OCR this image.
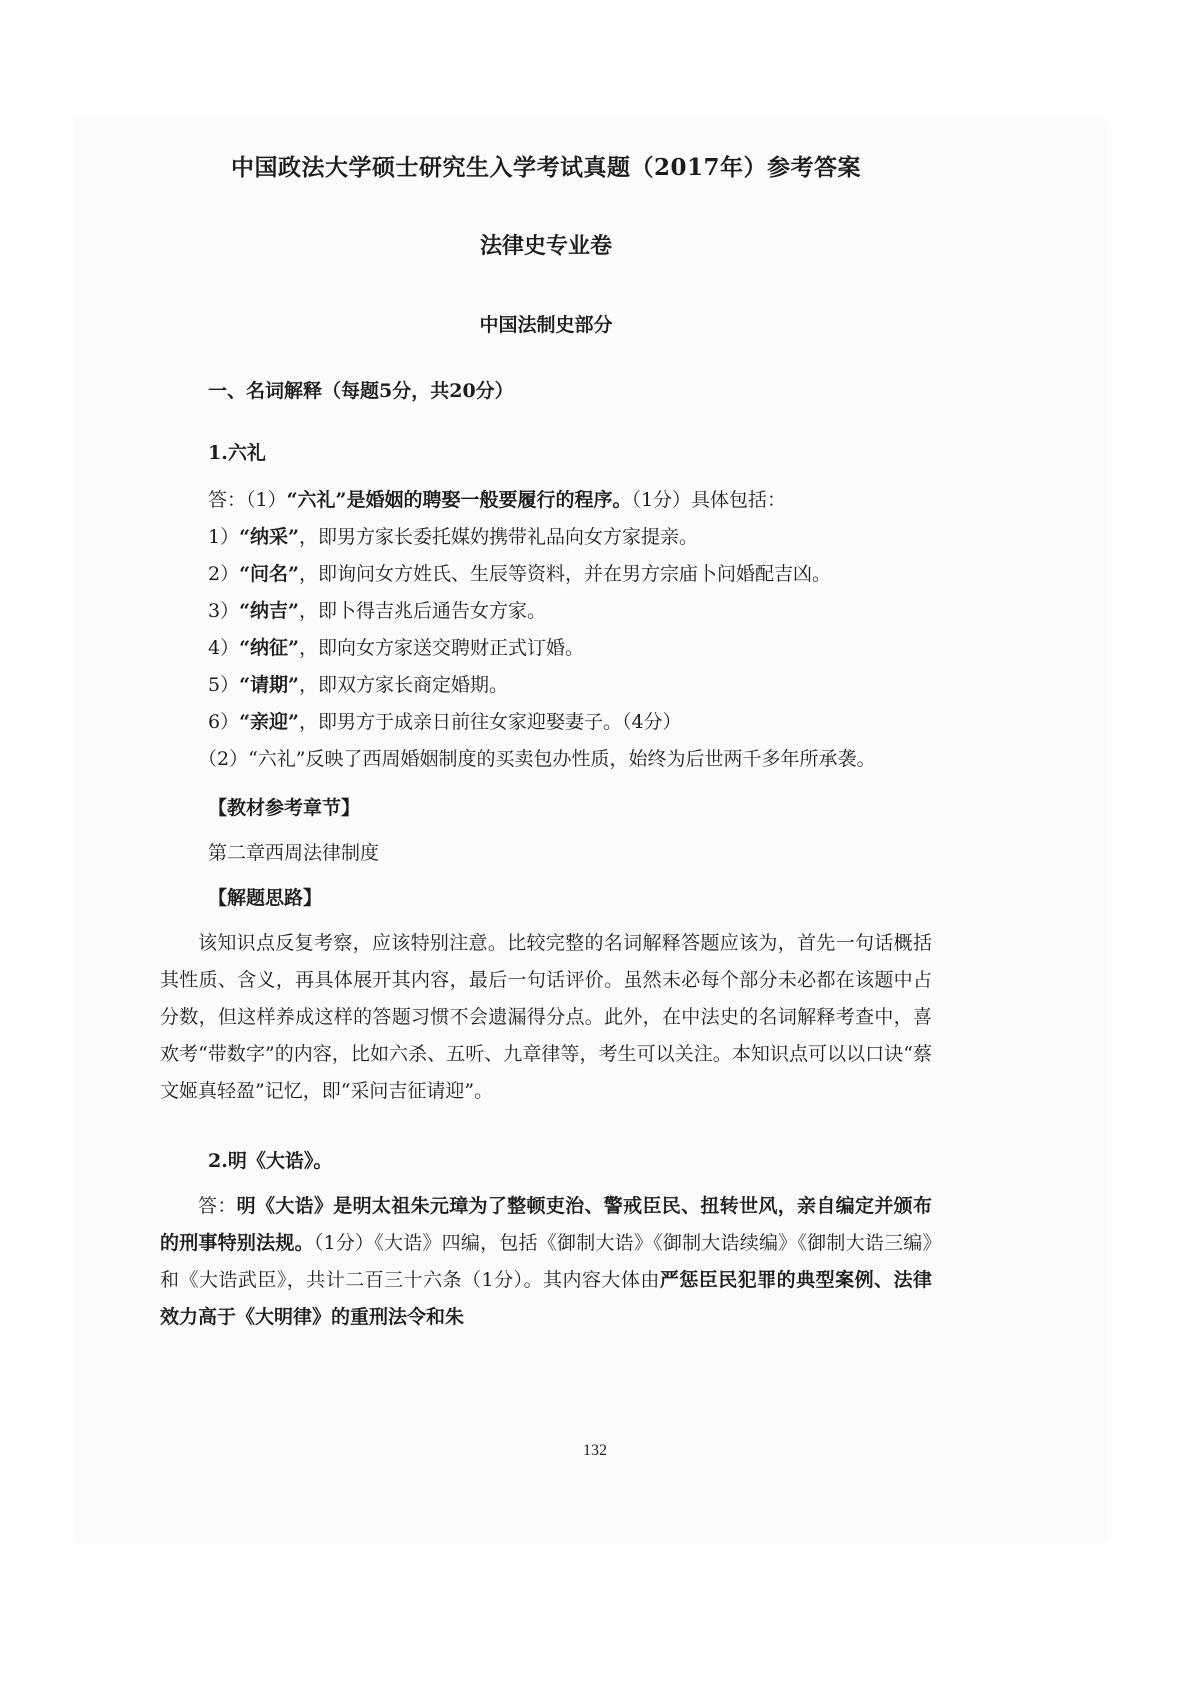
中国政法大学硕士研究生入学考试真题（2017年）参考答案
法律史专业卷
中国法制史部分
一、名词解释（每题5分，共20分）
1.六礼

答：（1）“六礼”是婚姻的聘娶一般要履行的程序。（1分）具体包括：

1）“纳采”，即男方家长委托媒妁携带礼品向女方家提亲。

2）“问名”，即询问女方姓氏、生辰等资料，并在男方宗庙卜问婚配吉凶。

3）“纳吉”，即卜得吉兆后通告女方家。

4）“纳征”，即向女方家送交聘财正式订婚。

5）“请期”，即双方家长商定婚期。

6）“亲迎”，即男方于成亲日前往女家迎娶妻子。（4分）

（2）“六礼”反映了西周婚姻制度的买卖包办性质，始终为后世两千多年所承袭。

【教材参考章节】

第二章西周法律制度

【解题思路】

该知识点反复考察，应该特别注意。比较完整的名词解释答题应该为，首先一句话概括其性质、含义，再具体展开其内容，最后一句话评价。虽然未必每个部分未必都在该题中占分数，但这样养成这样的答题习惯不会遗漏得分点。此外，在中法史的名词解释考查中，喜欢考“带数字”的内容，比如六杀、五听、九章律等，考生可以关注。本知识点可以以口诀“蔡文姬真轻盈”记忆，即“采问吉征请迎”。

2.明《大诰》。

答：明《大诰》是明太祖朱元璋为了整顿吏治、警戒臣民、扭转世风，亲自编定并颁布的刑事特别法规。（1分）《大诰》四编，包括《御制大诰》《御制大诰续编》《御制大诰三编》和《大诰武臣》，共计二百三十六条（1分）。其内容大体由严惩臣民犯罪的典型案例、法律效力高于《大明律》的重刑法令和朱

132
